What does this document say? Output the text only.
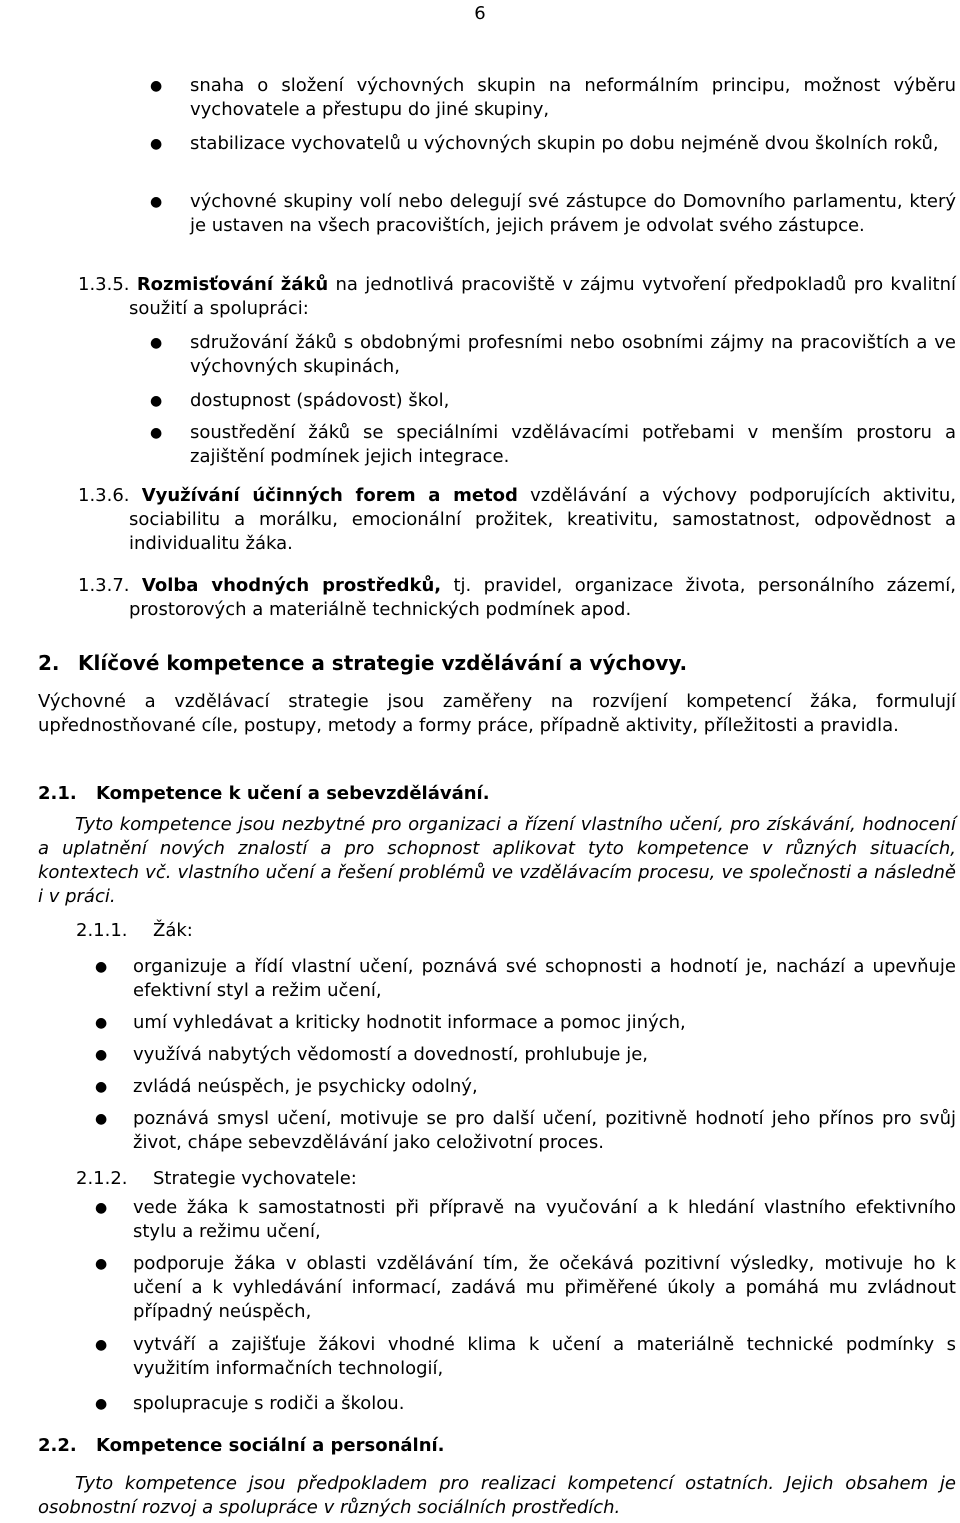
6
● snaha o složení výchovných skupin na neformálním principu, možnost výběru vychovatele a přestupu do jiné skupiny,
● stabilizace vychovatelů u výchovných skupin po dobu nejméně dvou školních roků,
● výchovné skupiny volí nebo delegují své zástupce do Domovního parlamentu, který je ustaven na všech pracovištích, jejich právem je odvolat svého zástupce.
1.3.5. Rozmisťování žáků na jednotlivá pracoviště v zájmu vytvoření předpokladů pro kvalitní soužití a spolupráci:
● sdružování žáků s obdobnými profesními nebo osobními zájmy na pracovištích a ve výchovných skupinách,
● dostupnost (spádovost) škol,
● soustředění žáků se speciálními vzdělávacími potřebami v menším prostoru a zajištění podmínek jejich integrace.
1.3.6. Využívání účinných forem a metod vzdělávání a výchovy podporujících aktivitu, sociabilitu a morálku, emocionální prožitek, kreativitu, samostatnost, odpovědnost a individualitu žáka.
1.3.7. Volba vhodných prostředků, tj. pravidel, organizace života, personálního zázemí, prostorových a materiálně technických podmínek apod.
2. Klíčové kompetence a strategie vzdělávání a výchovy.
Výchovné a vzdělávací strategie jsou zaměřeny na rozvíjení kompetencí žáka, formulují upřednostňované cíle, postupy, metody a formy práce, případně aktivity, příležitosti a pravidla.
2.1. Kompetence k učení a sebevzdělávání.
Tyto kompetence jsou nezbytné pro organizaci a řízení vlastního učení, pro získávání, hodnocení a uplatnění nových znalostí a pro schopnost aplikovat tyto kompetence v různých situacích, kontextech vč. vlastního učení a řešení problémů ve vzdělávacím procesu, ve společnosti a následně i v práci.
2.1.1. Žák:
● organizuje a řídí vlastní učení, poznává své schopnosti a hodnotí je, nachází a upevňuje efektivní styl a režim učení,
● umí vyhledávat a kriticky hodnotit informace a pomoc jiných,
● využívá nabytých vědomostí a dovedností, prohlubuje je,
● zvládá neúspěch, je psychicky odolný,
● poznává smysl učení, motivuje se pro další učení, pozitivně hodnotí jeho přínos pro svůj život, chápe sebevzdělávání jako celoživotní proces.
2.1.2. Strategie vychovatele:
● vede žáka k samostatnosti při přípravě na vyučování a k hledání vlastního efektivního stylu a režimu učení,
● podporuje žáka v oblasti vzdělávání tím, že očekává pozitivní výsledky, motivuje ho k učení a k vyhledávání informací, zadává mu přiměřené úkoly a pomáhá mu zvládnout případný neúspěch,
● vytváří a zajišťuje žákovi vhodné klima k učení a materiálně technické podmínky s využitím informačních technologií,
● spolupracuje s rodiči a školou.
2.2. Kompetence sociální a personální.
Tyto kompetence jsou předpokladem pro realizaci kompetencí ostatních. Jejich obsahem je osobnostní rozvoj a spolupráce v různých sociálních prostředích.
